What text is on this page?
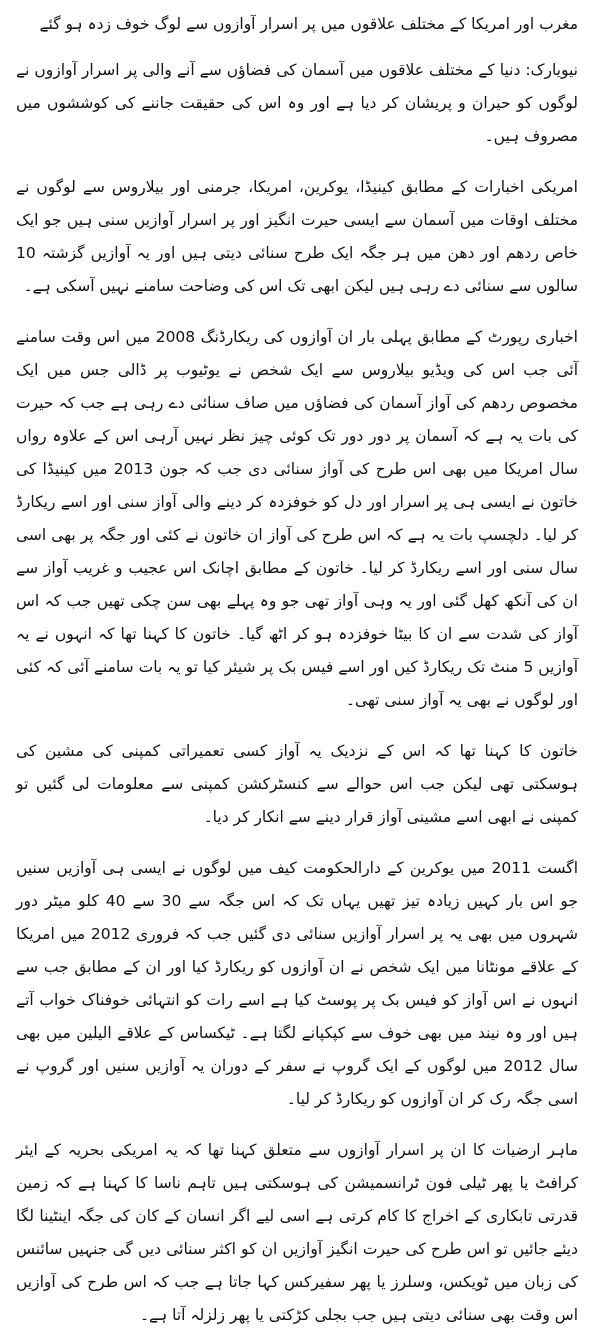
مغرب اور امریکا کے مختلف علاقوں میں پر اسرار آوازوں سے لوگ خوف زدہ ہو گئے

نیویارک: دنیا کے مختلف علاقوں میں آسمان کی فضاؤں سے آنے والی پر اسرار آوازوں نے لوگوں کو حیران و پریشان کر دیا ہے اور وہ اس کی حقیقت جاننے کی کوششوں میں مصروف ہیں۔

امریکی اخبارات کے مطابق کینیڈا، یوکرین، امریکا، جرمنی اور بیلاروس سے لوگوں نے مختلف اوقات میں آسمان سے ایسی حیرت انگیز اور پر اسرار آوازیں سنی ہیں جو ایک خاص ردھم اور دھن میں ہر جگہ ایک طرح سنائی دیتی ہیں اور یہ آوازیں گزشتہ 10 سالوں سے سنائی دے رہی ہیں لیکن ابھی تک اس کی وضاحت سامنے نہیں آسکی ہے۔

اخباری رپورٹ کے مطابق پہلی بار ان آوازوں کی ریکارڈنگ 2008 میں اس وقت سامنے آئی جب اس کی ویڈیو بیلاروس سے ایک شخص نے یوٹیوب پر ڈالی جس میں ایک مخصوص ردھم کی آواز آسمان کی فضاؤں میں صاف سنائی دے رہی ہے جب کہ حیرت کی بات یہ ہے کہ آسمان پر دور دور تک کوئی چیز نظر نہیں آرہی اس کے علاوہ رواں سال امریکا میں بھی اس طرح کی آواز سنائی دی جب کہ جون 2013 میں کینیڈا کی خاتون نے ایسی ہی پر اسرار اور دل کو خوفزدہ کر دینے والی آواز سنی اور اسے ریکارڈ کر لیا۔ دلچسپ بات یہ ہے کہ اس طرح کی آواز ان خاتون نے کئی اور جگہ پر بھی اسی سال سنی اور اسے ریکارڈ کر لیا۔ خاتون کے مطابق اچانک اس عجیب و غریب آواز سے ان کی آنکھ کھل گئی اور یہ وہی آواز تھی جو وہ پہلے بھی سن چکی تھیں جب کہ اس آواز کی شدت سے ان کا بیٹا خوفزدہ ہو کر اٹھ گیا۔ خاتون کا کہنا تھا کہ انہوں نے یہ آوازیں 5 منٹ تک ریکارڈ کیں اور اسے فیس بک پر شیئر کیا تو یہ بات سامنے آئی کہ کئی اور لوگوں نے بھی یہ آواز سنی تھی۔

خاتون کا کہنا تھا کہ اس کے نزدیک یہ آواز کسی تعمیراتی کمپنی کی مشین کی ہوسکتی تھی لیکن جب اس حوالے سے کنسٹرکشن کمپنی سے معلومات لی گئیں تو کمپنی نے ابھی اسے مشینی آواز قرار دینے سے انکار کر دیا۔

اگست 2011 میں یوکرین کے دارالحکومت کیف میں لوگوں نے ایسی ہی آوازیں سنیں جو اس بار کہیں زیادہ تیز تھیں یہاں تک کہ اس جگہ سے 30 سے 40 کلو میٹر دور شہروں میں بھی یہ پر اسرار آوازیں سنائی دی گئیں جب کہ فروری 2012 میں امریکا کے علاقے مونٹانا میں ایک شخص نے ان آوازوں کو ریکارڈ کیا اور ان کے مطابق جب سے انہوں نے اس آواز کو فیس بک پر پوسٹ کیا ہے اسے رات کو انتہائی خوفناک خواب آتے ہیں اور وہ نیند میں بھی خوف سے کپکپانے لگتا ہے۔ ٹیکساس کے علاقے الیلین میں بھی سال 2012 میں لوگوں کے ایک گروپ نے سفر کے دوران یہ آوازیں سنیں اور گروپ نے اسی جگہ رک کر ان آوازوں کو ریکارڈ کر لیا۔

ماہر ارضیات کا ان پر اسرار آوازوں سے متعلق کہنا تھا کہ یہ امریکی بحریہ کے ایئر کرافٹ یا پھر ٹیلی فون ٹرانسمیشن کی ہوسکتی ہیں تاہم ناسا کا کہنا ہے کہ زمین قدرتی تابکاری کے اخراج کا کام کرتی ہے اسی لیے اگر انسان کے کان کی جگہ اینٹینا لگا دیئے جائیں تو اس طرح کی حیرت انگیز آوازیں ان کو اکثر سنائی دیں گی جنہیں سائنس کی زبان میں ٹویکس، وسلرز یا پھر سفیرکس کہا جاتا ہے جب کہ اس طرح کی آوازیں اس وقت بھی سنائی دیتی ہیں جب بجلی کڑکتی یا پھر زلزلہ آتا ہے۔
